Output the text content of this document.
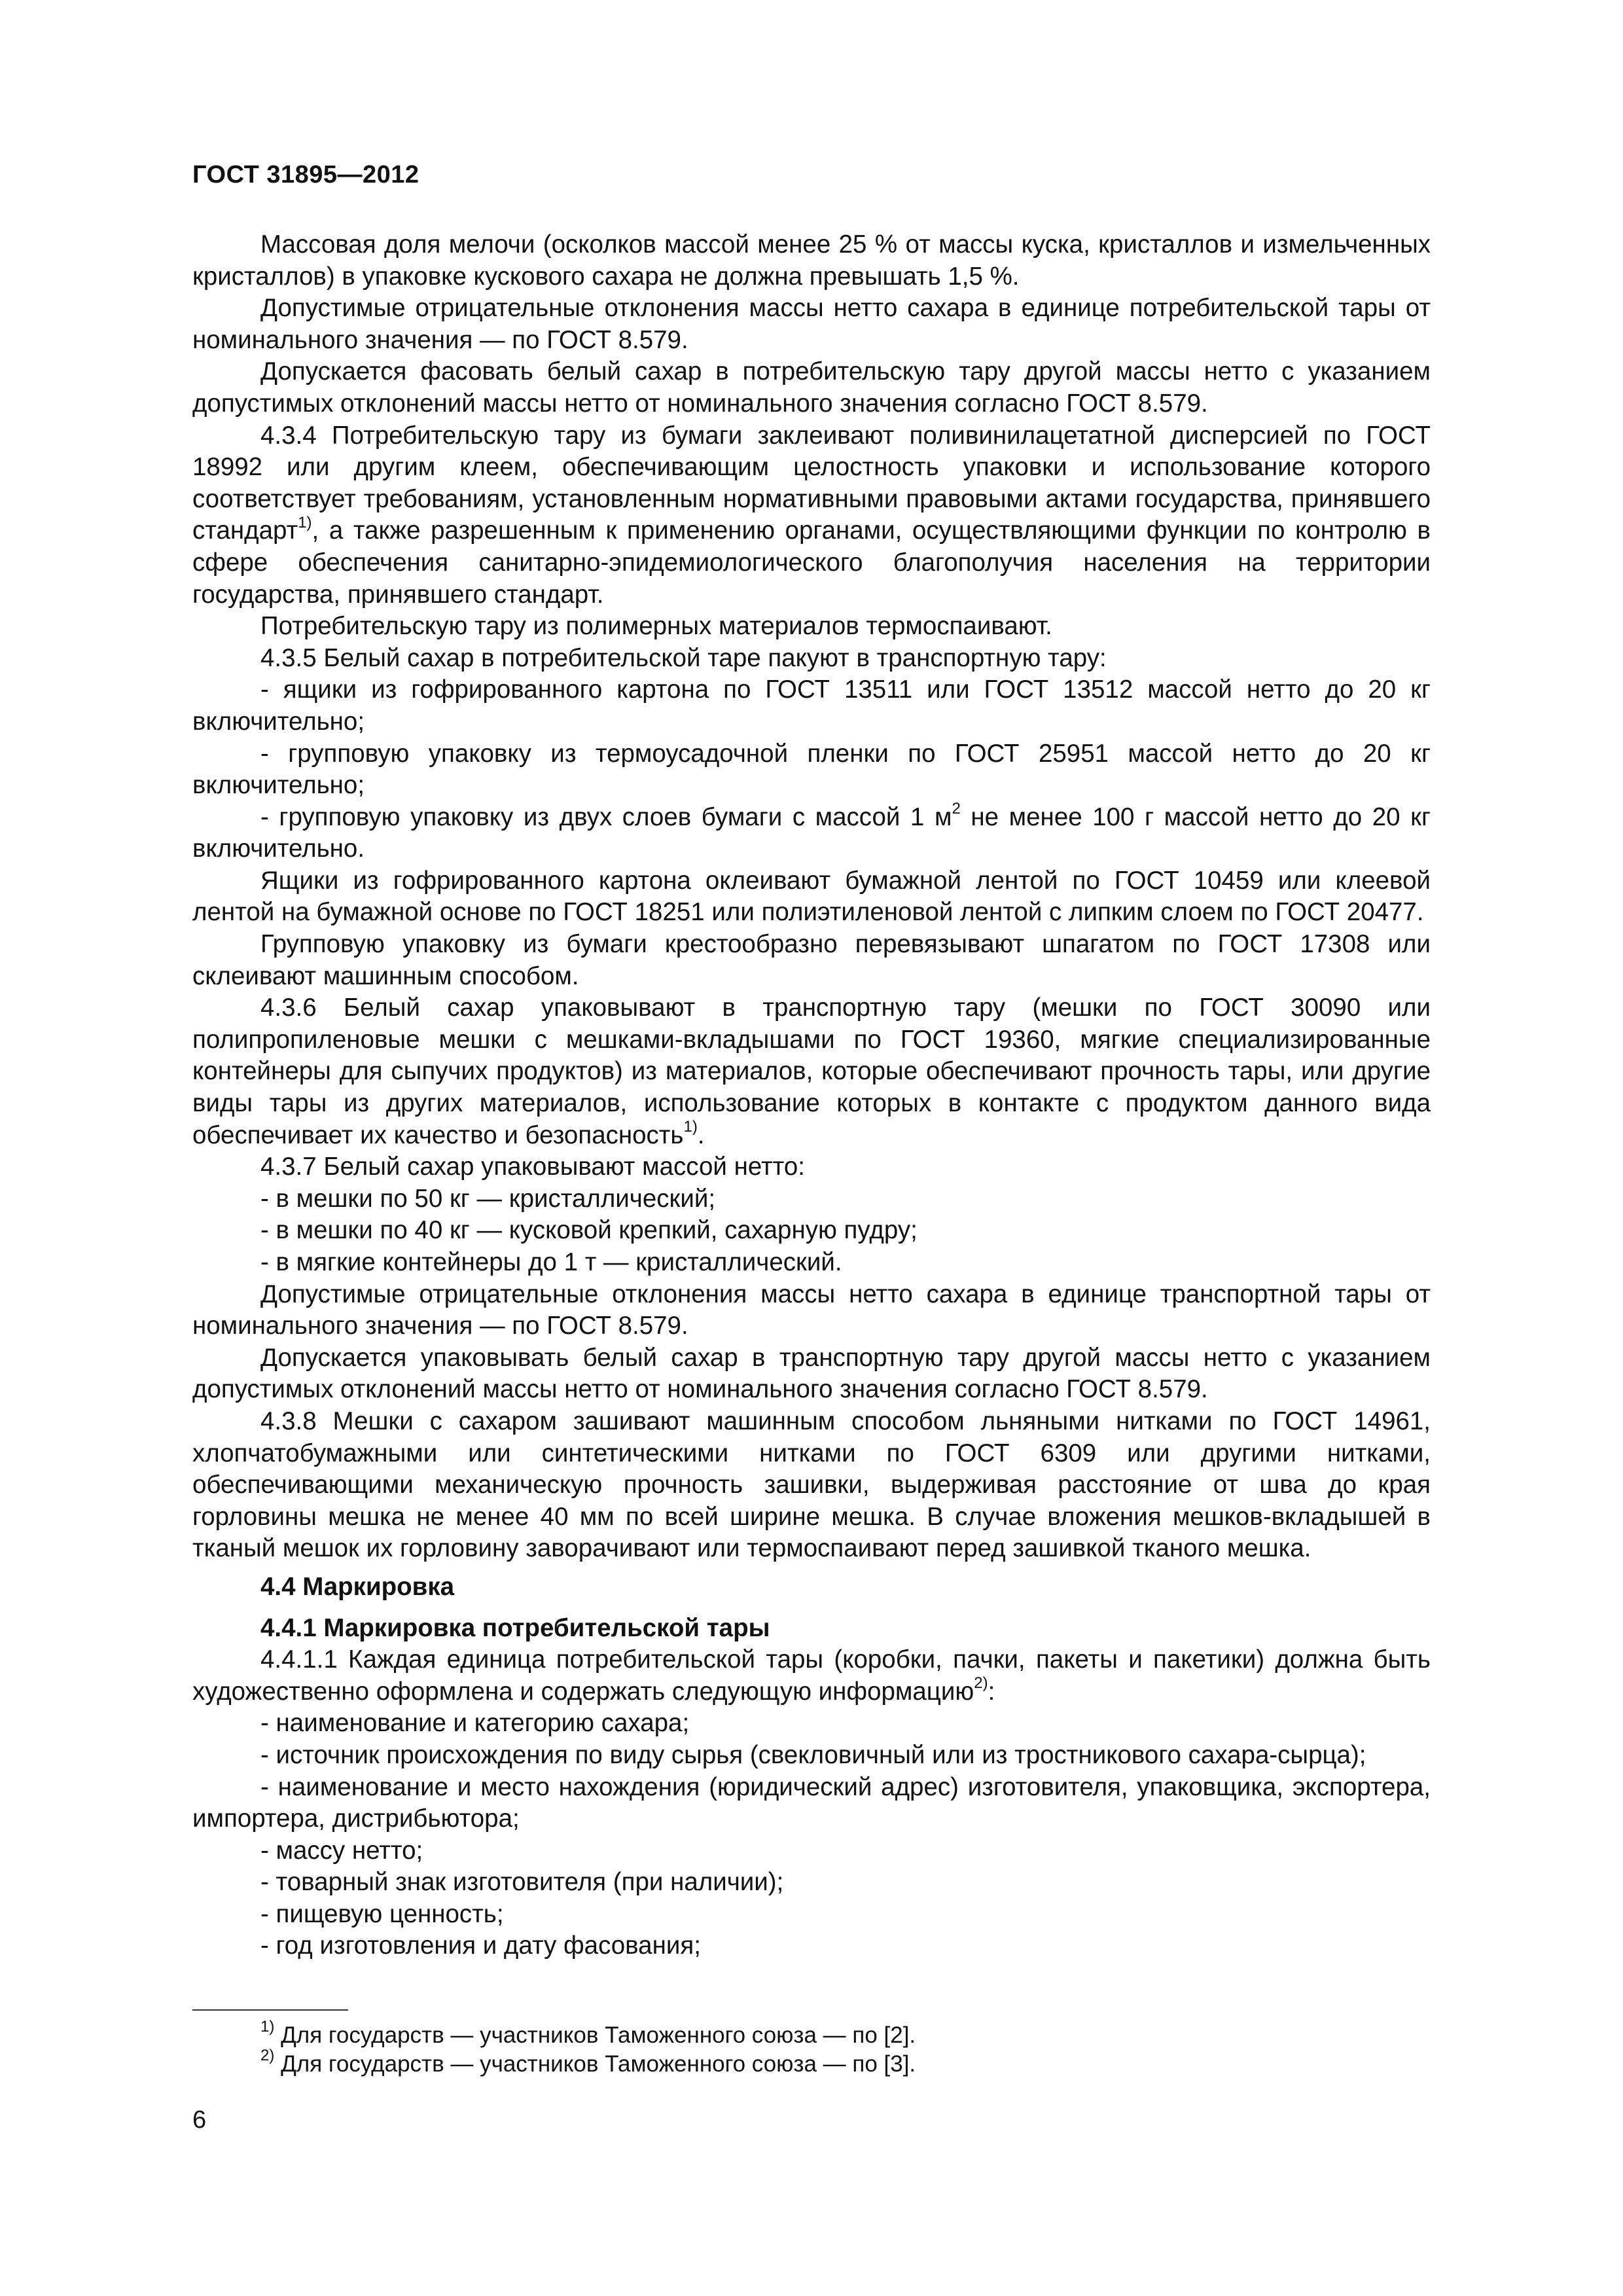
ГОСТ 31895—2012

Массовая доля мелочи (осколков массой менее 25 % от массы куска, кристаллов и измельченных кристаллов) в упаковке кускового сахара не должна превышать 1,5 %.

Допустимые отрицательные отклонения массы нетто сахара в единице потребительской тары от номинального значения — по ГОСТ 8.579.

Допускается фасовать белый сахар в потребительскую тару другой массы нетто с указанием допустимых отклонений массы нетто от номинального значения согласно ГОСТ 8.579.

4.3.4 Потребительскую тару из бумаги заклеивают поливинилацетатной дисперсией по ГОСТ 18992 или другим клеем, обеспечивающим целостность упаковки и использование которого соответствует требованиям, установленным нормативными правовыми актами государства, принявшего стандарт$^{1)}$, а также разрешенным к применению органами, осуществляющими функции по контролю в сфере обеспечения санитарно-эпидемиологического благополучия населения на территории государства, принявшего стандарт.

Потребительскую тару из полимерных материалов термоспаивают.

4.3.5 Белый сахар в потребительской таре пакуют в транспортную тару:

- ящики из гофрированного картона по ГОСТ 13511 или ГОСТ 13512 массой нетто до 20 кг включительно;

- групповую упаковку из термоусадочной пленки по ГОСТ 25951 массой нетто до 20 кг включительно;

- групповую упаковку из двух слоев бумаги с массой 1 $м^2$ не менее 100 г массой нетто до 20 кг включительно.

Ящики из гофрированного картона оклеивают бумажной лентой по ГОСТ 10459 или клеевой лентой на бумажной основе по ГОСТ 18251 или полиэтиленовой лентой с липким слоем по ГОСТ 20477.

Групповую упаковку из бумаги крестообразно перевязывают шпагатом по ГОСТ 17308 или склеивают машинным способом.

4.3.6 Белый сахар упаковывают в транспортную тару (мешки по ГОСТ 30090 или полипропиленовые мешки с мешками-вкладышами по ГОСТ 19360, мягкие специализированные контейнеры для сыпучих продуктов) из материалов, которые обеспечивают прочность тары, или другие виды тары из других материалов, использование которых в контакте с продуктом данного вида обеспечивает их качество и безопасность$^{1)}$.

4.3.7 Белый сахар упаковывают массой нетто:

- в мешки по 50 кг — кристаллический;

- в мешки по 40 кг — кусковой крепкий, сахарную пудру;

- в мягкие контейнеры до 1 т — кристаллический.

Допустимые отрицательные отклонения массы нетто сахара в единице транспортной тары от номинального значения — по ГОСТ 8.579.

Допускается упаковывать белый сахар в транспортную тару другой массы нетто с указанием допустимых отклонений массы нетто от номинального значения согласно ГОСТ 8.579.

4.3.8 Мешки с сахаром зашивают машинным способом льняными нитками по ГОСТ 14961, хлопчатобумажными или синтетическими нитками по ГОСТ 6309 или другими нитками, обеспечивающими механическую прочность зашивки, выдерживая расстояние от шва до края горловины мешка не менее 40 мм по всей ширине мешка. В случае вложения мешков-вкладышей в тканый мешок их горловину заворачивают или термоспаивают перед зашивкой тканого мешка.

4.4 Маркировка

4.4.1 Маркировка потребительской тары

4.4.1.1 Каждая единица потребительской тары (коробки, пачки, пакеты и пакетики) должна быть художественно оформлена и содержать следующую информацию$^{2)}$:

- наименование и категорию сахара;

- источник происхождения по виду сырья (свекловичный или из тростникового сахара-сырца);

- наименование и место нахождения (юридический адрес) изготовителя, упаковщика, экспортера, импортера, дистрибьютора;

- массу нетто;

- товарный знак изготовителя (при наличии);

- пищевую ценность;

- год изготовления и дату фасования;

$^{1)}$ Для государств — участников Таможенного союза — по [2].
$^{2)}$ Для государств — участников Таможенного союза — по [3].
6
